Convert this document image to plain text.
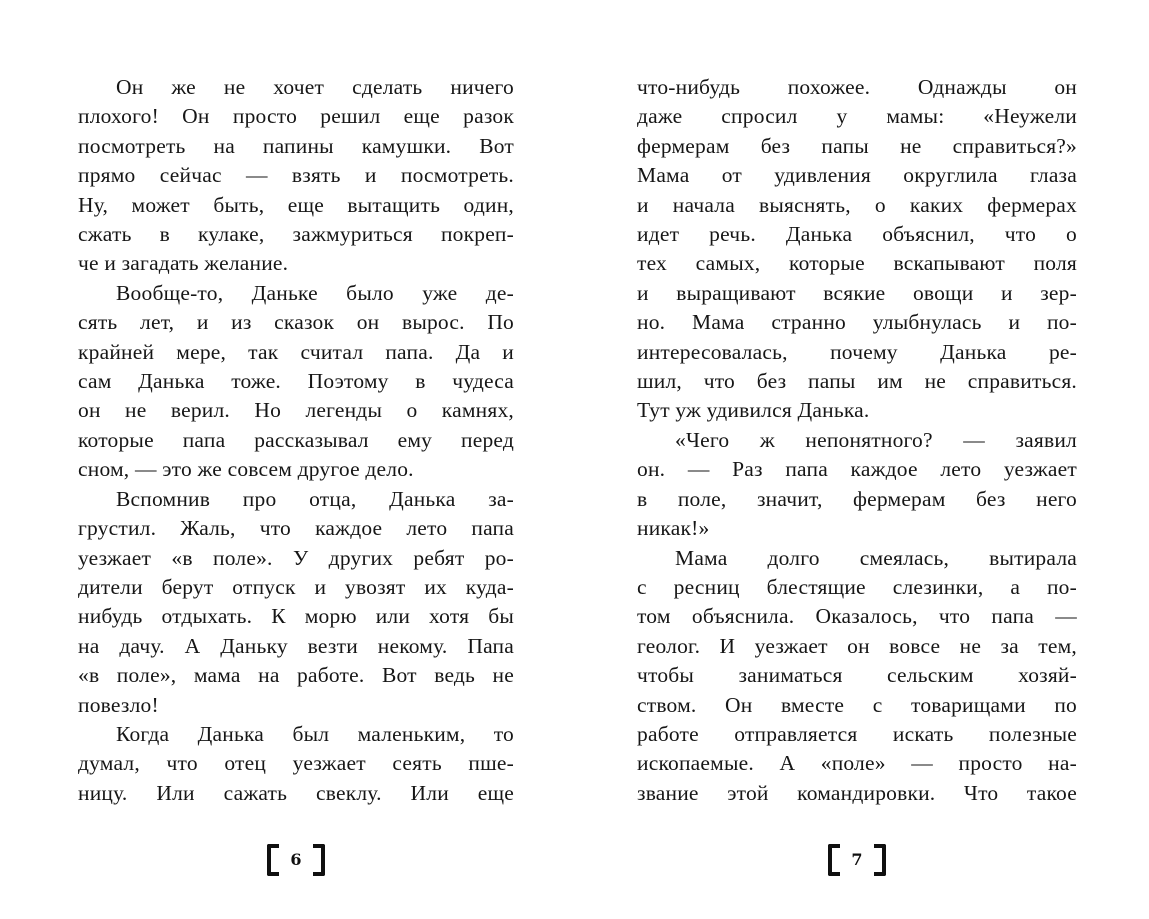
Он же не хочет сделать ничего
плохого! Он просто решил еще разок
посмотреть на папины камушки. Вот
прямо сейчас — взять и посмотреть.
Ну, может быть, еще вытащить один,
сжать в кулаке, зажмуриться покреп-
че и загадать желание.
Вообще-то, Даньке было уже де-
сять лет, и из сказок он вырос. По
крайней мере, так считал папа. Да и
сам Данька тоже. Поэтому в чудеса
он не верил. Но легенды о камнях,
которые папа рассказывал ему перед
сном, — это же совсем другое дело.
Вспомнив про отца, Данька за-
грустил. Жаль, что каждое лето папа
уезжает «в поле». У других ребят ро-
дители берут отпуск и увозят их куда-
нибудь отдыхать. К морю или хотя бы
на дачу. А Даньку везти некому. Папа
«в поле», мама на работе. Вот ведь не
повезло!
Когда Данька был маленьким, то
думал, что отец уезжает сеять пше-
ницу. Или сажать свеклу. Или еще
6
что-нибудь похожее. Однажды он
даже спросил у мамы: «Неужели
фермерам без папы не справиться?»
Мама от удивления округлила глаза
и начала выяснять, о каких фермерах
идет речь. Данька объяснил, что о
тех самых, которые вскапывают поля
и выращивают всякие овощи и зер-
но. Мама странно улыбнулась и по-
интересовалась, почему Данька ре-
шил, что без папы им не справиться.
Тут уж удивился Данька.
«Чего ж непонятного? — заявил
он. — Раз папа каждое лето уезжает
в поле, значит, фермерам без него
никак!»
Мама долго смеялась, вытирала
с ресниц блестящие слезинки, а по-
том объяснила. Оказалось, что папа —
геолог. И уезжает он вовсе не за тем,
чтобы заниматься сельским хозяй-
ством. Он вместе с товарищами по
работе отправляется искать полезные
ископаемые. А «поле» — просто на-
звание этой командировки. Что такое
7
